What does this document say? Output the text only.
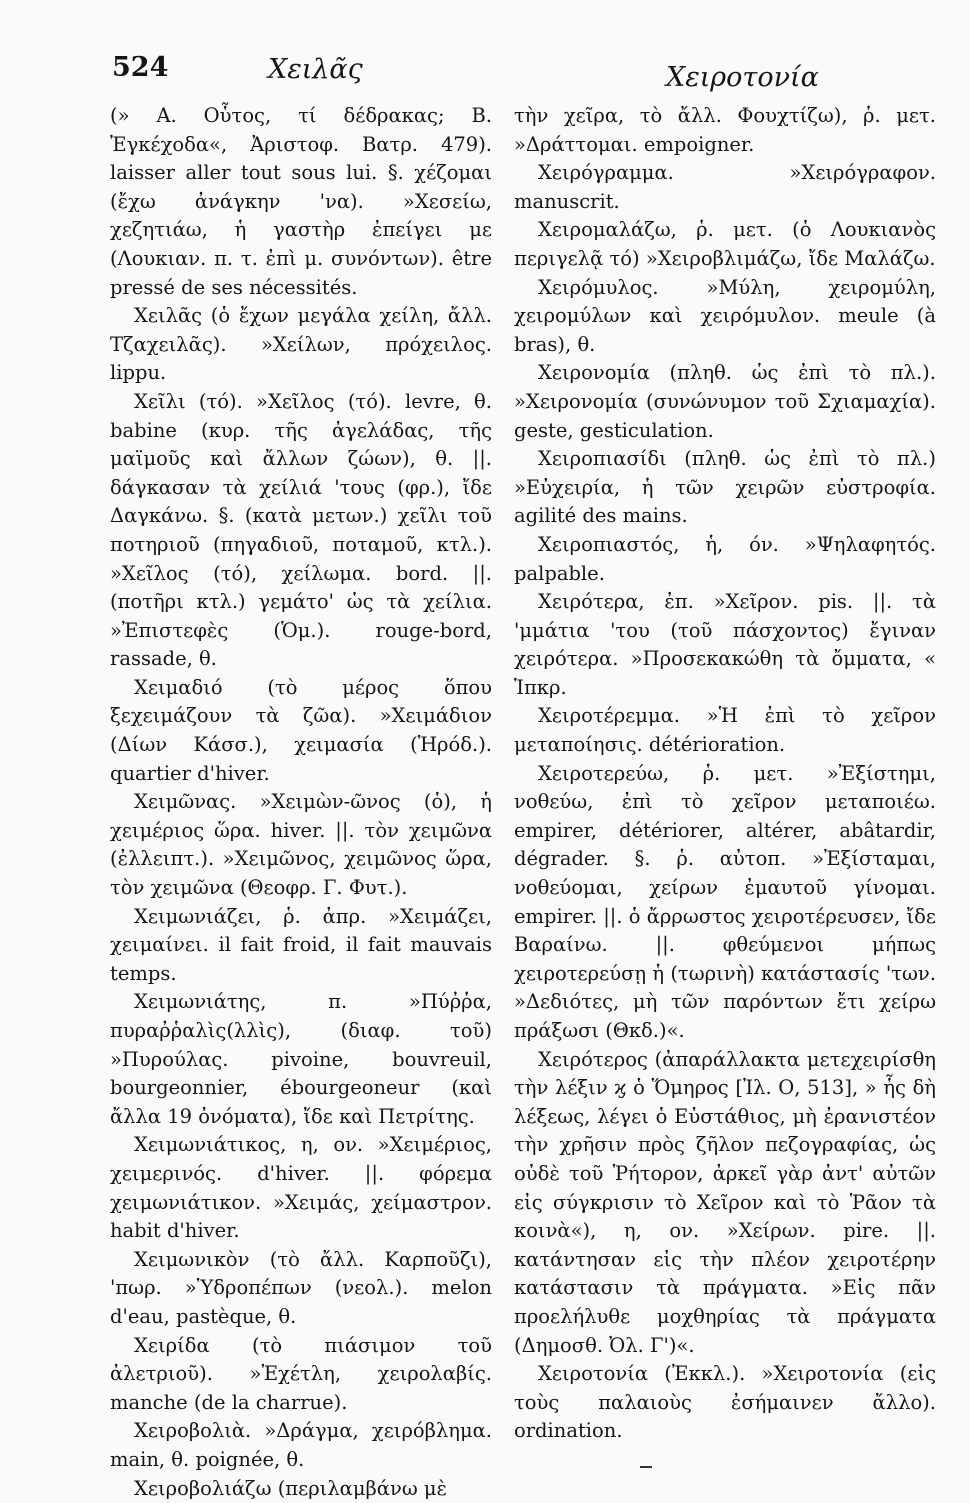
524	Χειλᾶς	Χειροτονία

(» Α. Οὗτος, τί δέδρακας; Β. Ἐγκέχοδα«, Ἀριστοφ. Βατρ. 479). laisser aller tout sous lui. §. χέζομαι (ἔχω ἀνάγκην 'να). »Χεσείω, χεζητιάω, ἡ γαστὴρ ἐπείγει με (Λουκιαν. π. τ. ἐπὶ μ. συνόντων). être pressé de ses nécessités.

Χειλᾶς (ὁ ἔχων μεγάλα χείλη, ἄλλ. Τζαχειλᾶς). »Χείλων, πρόχειλος. lippu.

Χεῖλι (τό). »Χεῖλος (τό). levre, θ. babine (κυρ. τῆς ἀγελάδας, τῆς μαϊμοῦς καὶ ἄλλων ζώων), θ. ||. δάγκασαν τὰ χείλιά 'τους (φρ.), ἴδε Δαγκάνω. §. (κατὰ μετων.) χεῖλι τοῦ ποτηριοῦ (πηγαδιοῦ, ποταμοῦ, κτλ.). »Χεῖλος (τό), χείλωμα. bord. ||. (ποτῆρι κτλ.) γεμάτο' ὡς τὰ χείλια. »Ἐπιστεφὲς (Ὁμ.). rouge-bord, rassade, θ.

Χειμαδιό (τὸ μέρος ὅπου ξεχειμάζουν τὰ ζῶα). »Χειμάδιον (Δίων Κάσσ.), χειμασία (Ἡρόδ.). quartier d'hiver.

Χειμῶνας. »Χειμὼν-ῶνος (ὁ), ἡ χειμέριος ὥρα. hiver. ||. τὸν χειμῶνα (ἐλλειπτ.). »Χειμῶνος, χειμῶνος ὥρα, τὸν χειμῶνα (Θεοφρ. Γ. Φυτ.).

Χειμωνιάζει, ῥ. ἀπρ. »Χειμάζει, χειμαίνει. il fait froid, il fait mauvais temps.

Χειμωνιάτης, π. »Πύῤῥα, πυραῤῥαλὶς(λλὶς), (διαφ. τοῦ) »Πυρούλας. pivoine, bouvreuil, bourgeonnier, ébourgeoneur (καὶ ἄλλα 19 ὀνόματα), ἴδε καὶ Πετρίτης.

Χειμωνιάτικος, η, ον. »Χειμέριος, χειμερινός. d'hiver. ||. φόρεμα χειμωνιάτικον. »Χειμάς, χείμαστρον. habit d'hiver.

Χειμωνικὸν (τὸ ἄλλ. Καρποῦζι), 'πωρ. »Ὑδροπέπων (νεολ.). melon d'eau, pastèque, θ.

Χειρίδα (τὸ πιάσιμον τοῦ ἀλετριοῦ). »Ἐχέτλη, χειρολαβίς. manche (de la charrue).

Χειροβολιὰ. »Δράγμα, χειρόβλημα. main, θ. poignée, θ.

Χειροβολιάζω (περιλαμβάνω μὲ

τὴν χεῖρα, τὸ ἄλλ. Φουχτίζω), ῥ. μετ. »Δράττομαι. empoigner.

Χειρόγραμμα. »Χειρόγραφον. manuscrit.

Χειρομαλάζω, ῥ. μετ. (ὁ Λουκιανὸς περιγελᾷ τό) »Χειροβλιμάζω, ἴδε Μαλάζω.

Χειρόμυλος. »Μύλη, χειρομύλη, χειρομύλων καὶ χειρόμυλον. meule (à bras), θ.

Χειρονομία (πληθ. ὡς ἐπὶ τὸ πλ.). »Χειρονομία (συνώνυμον τοῦ Σχιαμαχία). geste, gesticulation.

Χειροπιασίδι (πληθ. ὡς ἐπὶ τὸ πλ.) »Εὐχειρία, ἡ τῶν χειρῶν εὐστροφία. agilité des mains.

Χειροπιαστός, ἡ, όν. »Ψηλαφητός. palpable.

Χειρότερα, ἐπ. »Χεῖρον. pis. ||. τὰ 'μμάτια 'του (τοῦ πάσχοντος) ἔγιναν χειρότερα. »Προσεκακώθη τὰ ὄμματα, « Ἱπκρ.

Χειροτέρεμμα. »Ἡ ἐπὶ τὸ χεῖρον μεταποίησις. détérioration.

Χειροτερεύω, ῥ. μετ. »Ἐξίστημι, νοθεύω, ἐπὶ τὸ χεῖρον μεταποιέω. empirer, détériorer, altérer, abâtardir, dégrader. §. ῥ. αὐτοπ. »Ἐξίσταμαι, νοθεύομαι, χείρων ἐμαυτοῦ γίνομαι. empirer. ||. ὁ ἄρρωστος χειροτέρευσεν, ἴδε Βαραίνω. ||. φθεύμενοι μήπως χειροτερεύσῃ ἡ (τωρινὴ) κατάστασίς 'των. »Δεδιότες, μὴ τῶν παρόντων ἔτι χείρω πράξωσι (Θκδ.)«.

Χειρότερος (ἀπαράλλακτα μετεχειρίσθη τὴν λέξιν ϗ ὁ Ὅμηρος [Ἰλ. Ο, 513], » ἧς δὴ λέξεως, λέγει ὁ Εὐστάθιος, μὴ ἐρανιστέον τὴν χρῆσιν πρὸς ζῆλον πεζογραφίας, ὡς οὐδὲ τοῦ Ῥήτορον, ἀρκεῖ γὰρ ἀντ' αὐτῶν εἰς σύγκρισιν τὸ Χεῖρον καὶ τὸ Ῥᾶον τὰ κοινὰ«), η, ον. »Χείρων. pire. ||. κατάντησαν εἰς τὴν πλέον χειροτέρην κατάστασιν τὰ πράγματα. »Εἰς πᾶν προελήλυθε μοχθηρίας τὰ πράγματα (Δημοσθ. Ὀλ. Γ')«.

Χειροτονία (Ἐκκλ.). »Χειροτονία (εἰς τοὺς παλαιοὺς ἐσήμαινεν ἄλλο). ordination.
